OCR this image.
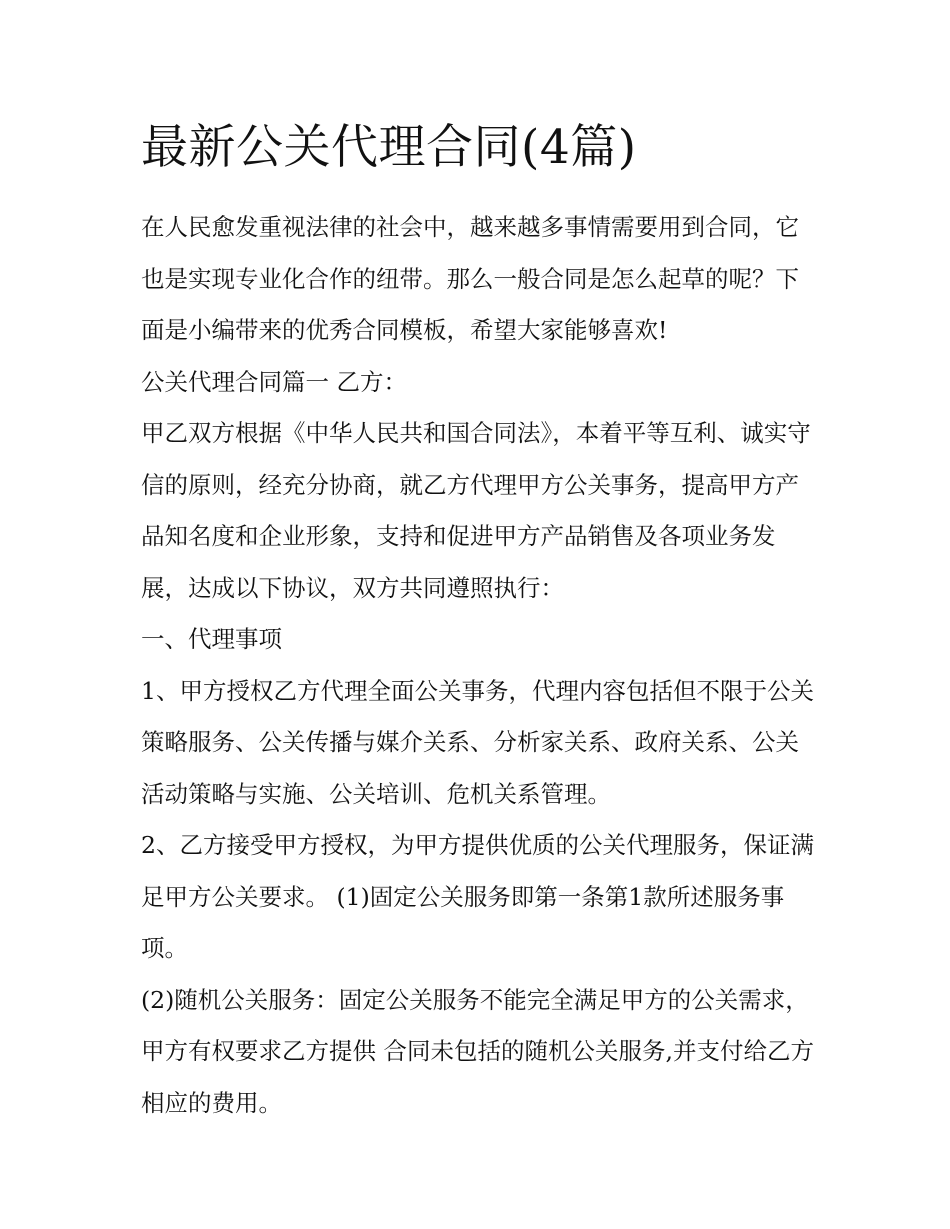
最新公关代理合同(4篇)
在人民愈发重视法律的社会中，越来越多事情需要用到合同，它也是实现专业化合作的纽带。那么一般合同是怎么起草的呢？下面是小编带来的优秀合同模板，希望大家能够喜欢!
公关代理合同篇一 乙方：
甲乙双方根据《中华人民共和国合同法》，本着平等互利、诚实守信的原则，经充分协商，就乙方代理甲方公关事务，提高甲方产品知名度和企业形象，支持和促进甲方产品销售及各项业务发展，达成以下协议，双方共同遵照执行：
一、代理事项
1、甲方授权乙方代理全面公关事务，代理内容包括但不限于公关策略服务、公关传播与媒介关系、分析家关系、政府关系、公关活动策略与实施、公关培训、危机关系管理。
2、乙方接受甲方授权，为甲方提供优质的公关代理服务，保证满足甲方公关要求。 (1)固定公关服务即第一条第1款所述服务事项。
(2)随机公关服务：固定公关服务不能完全满足甲方的公关需求，甲方有权要求乙方提供 合同未包括的随机公关服务,并支付给乙方相应的费用。
